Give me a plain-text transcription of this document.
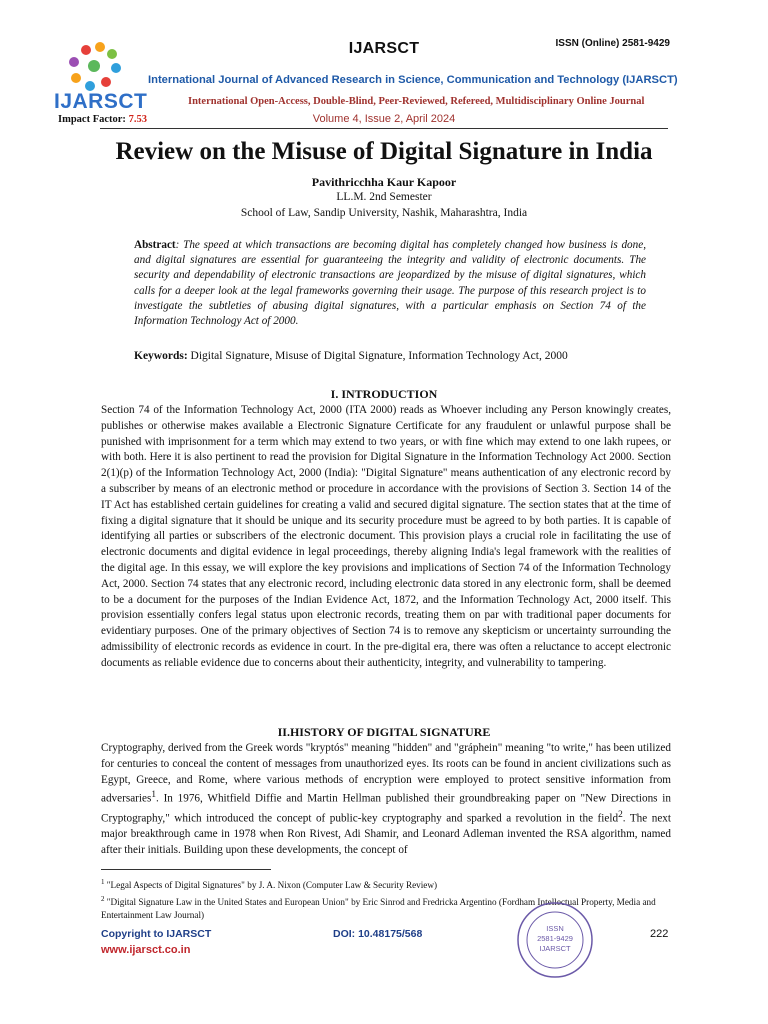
IJARSCT
Impact Factor: 7.53
IJARSCT	ISSN (Online) 2581-9429
International Journal of Advanced Research in Science, Communication and Technology (IJARSCT)
International Open-Access, Double-Blind, Peer-Reviewed, Refereed, Multidisciplinary Online Journal
Volume 4, Issue 2, April 2024
Review on the Misuse of Digital Signature in India
Pavithricchha Kaur Kapoor
LL.M. 2nd Semester
School of Law, Sandip University, Nashik, Maharashtra, India
Abstract: The speed at which transactions are becoming digital has completely changed how business is done, and digital signatures are essential for guaranteeing the integrity and validity of electronic documents. The security and dependability of electronic transactions are jeopardized by the misuse of digital signatures, which calls for a deeper look at the legal frameworks governing their usage. The purpose of this research project is to investigate the subtleties of abusing digital signatures, with a particular emphasis on Section 74 of the Information Technology Act of 2000.
Keywords: Digital Signature, Misuse of Digital Signature, Information Technology Act, 2000
I. INTRODUCTION
Section 74 of the Information Technology Act, 2000 (ITA 2000) reads as Whoever including any Person knowingly creates, publishes or otherwise makes available a Electronic Signature Certificate for any fraudulent or unlawful purpose shall be punished with imprisonment for a term which may extend to two years, or with fine which may extend to one lakh rupees, or with both. Here it is also pertinent to read the provision for Digital Signature in the Information Technology Act 2000. Section 2(1)(p) of the Information Technology Act, 2000 (India): "Digital Signature" means authentication of any electronic record by a subscriber by means of an electronic method or procedure in accordance with the provisions of Section 3. Section 14 of the IT Act has established certain guidelines for creating a valid and secured digital signature. The section states that at the time of fixing a digital signature that it should be unique and its security procedure must be agreed to by both parties. It is capable of identifying all parties or subscribers of the electronic document. This provision plays a crucial role in facilitating the use of electronic documents and digital evidence in legal proceedings, thereby aligning India's legal framework with the realities of the digital age. In this essay, we will explore the key provisions and implications of Section 74 of the Information Technology Act, 2000. Section 74 states that any electronic record, including electronic data stored in any electronic form, shall be deemed to be a document for the purposes of the Indian Evidence Act, 1872, and the Information Technology Act, 2000 itself. This provision essentially confers legal status upon electronic records, treating them on par with traditional paper documents for evidentiary purposes. One of the primary objectives of Section 74 is to remove any skepticism or uncertainty surrounding the admissibility of electronic records as evidence in court. In the pre-digital era, there was often a reluctance to accept electronic documents as reliable evidence due to concerns about their authenticity, integrity, and vulnerability to tampering.
II.HISTORY OF DIGITAL SIGNATURE
Cryptography, derived from the Greek words "kryptós" meaning "hidden" and "gráphein" meaning "to write," has been utilized for centuries to conceal the content of messages from unauthorized eyes. Its roots can be found in ancient civilizations such as Egypt, Greece, and Rome, where various methods of encryption were employed to protect sensitive information from adversaries$^1$. In 1976, Whitfield Diffie and Martin Hellman published their groundbreaking paper on "New Directions in Cryptography," which introduced the concept of public-key cryptography and sparked a revolution in the field$^2$. The next major breakthrough came in 1978 when Ron Rivest, Adi Shamir, and Leonard Adleman invented the RSA algorithm, named after their initials. Building upon these developments, the concept of
$^1$ "Legal Aspects of Digital Signatures" by J. A. Nixon (Computer Law & Security Review)
$^2$ "Digital Signature Law in the United States and European Union" by Eric Sinrod and Fredricka Argentino (Fordham Intellectual Property, Media and Entertainment Law Journal)
Copyright to IJARSCT
www.ijarsct.co.in
DOI: 10.48175/568	222
ISSN
2581-9429
IJARSCT
